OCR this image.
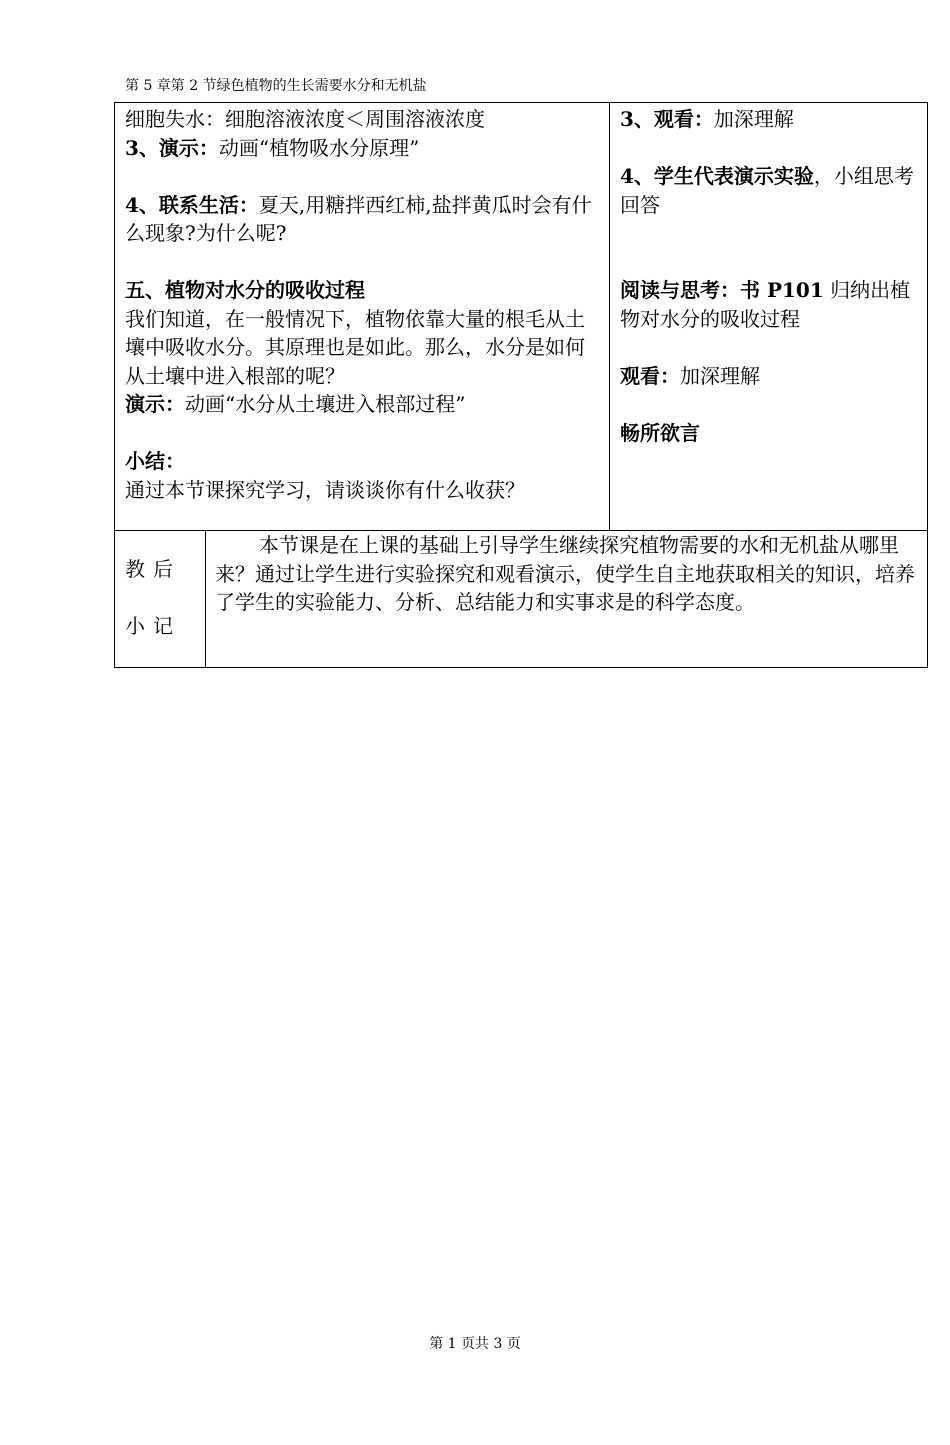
第 5 章第 2 节绿色植物的生长需要水分和无机盐

细胞失水：细胞溶液浓度＜周围溶液浓度

3、演示：动画“植物吸水分原理”

4、联系生活：夏天,用糖拌西红柿,盐拌黄瓜时会有什么现象?为什么呢?

五、植物对水分的吸收过程

我们知道，在一般情况下，植物依靠大量的根毛从土壤中吸收水分。其原理也是如此。那么，水分是如何从土壤中进入根部的呢？

演示：动画“水分从土壤进入根部过程”

小结：

通过本节课探究学习，请谈谈你有什么收获？

3、观看：加深理解

4、学生代表演示实验，小组思考回答

阅读与思考：书 P101 归纳出植物对水分的吸收过程

观看：加深理解

畅所欲言

教后

小记

本节课是在上课的基础上引导学生继续探究植物需要的水和无机盐从哪里来？通过让学生进行实验探究和观看演示，使学生自主地获取相关的知识，培养了学生的实验能力、分析、总结能力和实事求是的科学态度。
第 1 页共 3 页
